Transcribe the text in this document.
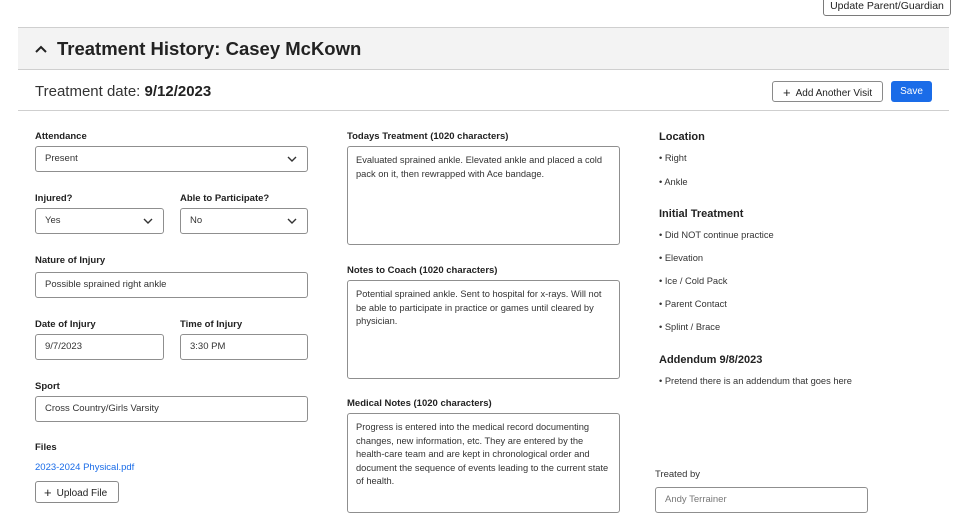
Update Parent/Guardian
Treatment History: Casey McKown
Treatment date: 9/12/2023	+ Add Another Visit	Save
Attendance
Present
Injured?
Yes
Able to Participate?
No
Nature of Injury
Possible sprained right ankle
Date of Injury
9/7/2023
Time of Injury
3:30 PM
Sport
Cross Country/Girls Varsity
Files
2023-2024 Physical.pdf
+ Upload File
Todays Treatment (1020 characters)
Evaluated sprained ankle. Elevated ankle and placed a cold pack on it, then rewrapped with Ace bandage.
Notes to Coach (1020 characters)
Potential sprained ankle. Sent to hospital for x-rays. Will not be able to participate in practice or games until cleared by physician.
Medical Notes (1020 characters)
Progress is entered into the medical record documenting changes, new information, etc. They are entered by the health-care team and are kept in chronological order and document the sequence of events leading to the current state of health.
Location
• Right
• Ankle
Initial Treatment
• Did NOT continue practice
• Elevation
• Ice / Cold Pack
• Parent Contact
• Splint / Brace
Addendum 9/8/2023
• Pretend there is an addendum that goes here
Treated by
Andy Terrainer
